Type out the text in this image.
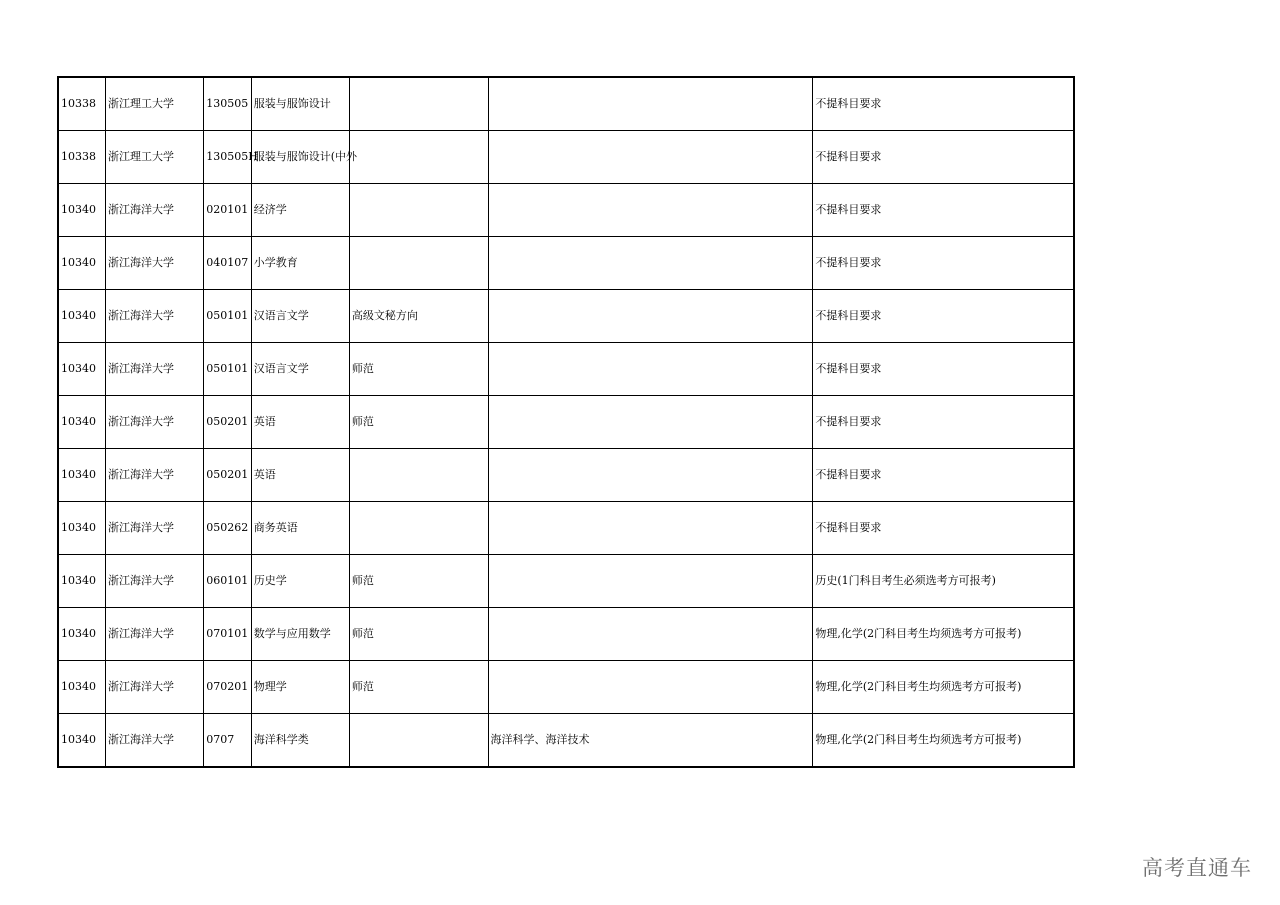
10338	浙江理工大学	130505	服装与服饰设计			不提科目要求
10338	浙江理工大学	130505H	服装与服饰设计(中外			不提科目要求
10340	浙江海洋大学	020101	经济学			不提科目要求
10340	浙江海洋大学	040107	小学教育			不提科目要求
10340	浙江海洋大学	050101	汉语言文学	高级文秘方向		不提科目要求
10340	浙江海洋大学	050101	汉语言文学	师范		不提科目要求
10340	浙江海洋大学	050201	英语	师范		不提科目要求
10340	浙江海洋大学	050201	英语			不提科目要求
10340	浙江海洋大学	050262	商务英语			不提科目要求
10340	浙江海洋大学	060101	历史学	师范		历史(1门科目考生必须选考方可报考)
10340	浙江海洋大学	070101	数学与应用数学	师范		物理,化学(2门科目考生均须选考方可报考)
10340	浙江海洋大学	070201	物理学	师范		物理,化学(2门科目考生均须选考方可报考)
10340	浙江海洋大学	0707	海洋科学类		海洋科学、海洋技术	物理,化学(2门科目考生均须选考方可报考)
高考直通车
